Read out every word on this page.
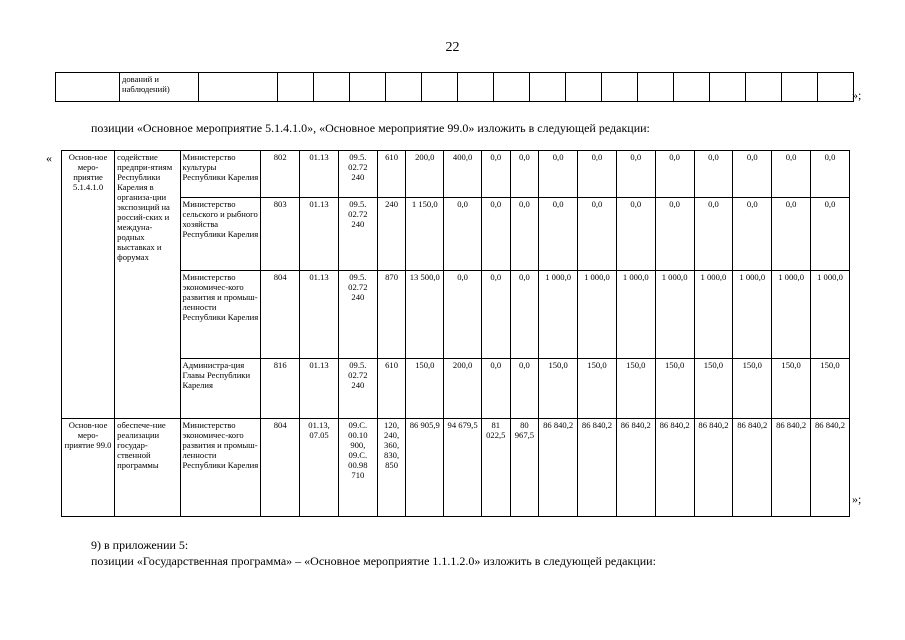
22
	дований и наблюдений)																		»;
позиции «Основное мероприятие 5.1.4.1.0», «Основное мероприятие 99.0» изложить в следующей редакции:
« Основ-ное меро-приятие 5.1.4.1.0	содействие предпри-ятиям Республики Карелия в организа-ции экспозиций на россий-ских и междуна-родных выставках и форумах	Министерство культуры Республики Карелия	802	01.13	09.5. 02.72 240	610	200,0	400,0	0,0	0,0	0,0	0,0	0,0	0,0	0,0	0,0	0,0	0,0
		Министерство сельского и рыбного хозяйства Республики Карелия	803	01.13	09.5. 02.72 240	240	1 150,0	0,0	0,0	0,0	0,0	0,0	0,0	0,0	0,0	0,0	0,0	0,0
		Министерство экономичес-кого развития и промыш-ленности Республики Карелия	804	01.13	09.5. 02.72 240	870	13 500,0	0,0	0,0	0,0	1 000,0	1 000,0	1 000,0	1 000,0	1 000,0	1 000,0	1 000,0	1 000,0
		Администра-ция Главы Республики Карелия	816	01.13	09.5. 02.72 240	610	150,0	200,0	0,0	0,0	150,0	150,0	150,0	150,0	150,0	150,0	150,0	150,0
Основ-ное меро-приятие 99.0	обеспече-ние реализации государ-ственной программы	Министерство экономичес-кого развития и промыш-ленности Республики Карелия	804	01.13, 07.05	09.С. 00.10 900, 09.С. 00.98 710	120, 240, 360, 830, 850	86 905,9	94 679,5	81 022,5	80 967,5	86 840,2	86 840,2	86 840,2	86 840,2	86 840,2	86 840,2	86 840,2	86 840,2
»;
9) в приложении 5:
позиции «Государственная программа» – «Основное мероприятие 1.1.1.2.0» изложить в следующей редакции:
